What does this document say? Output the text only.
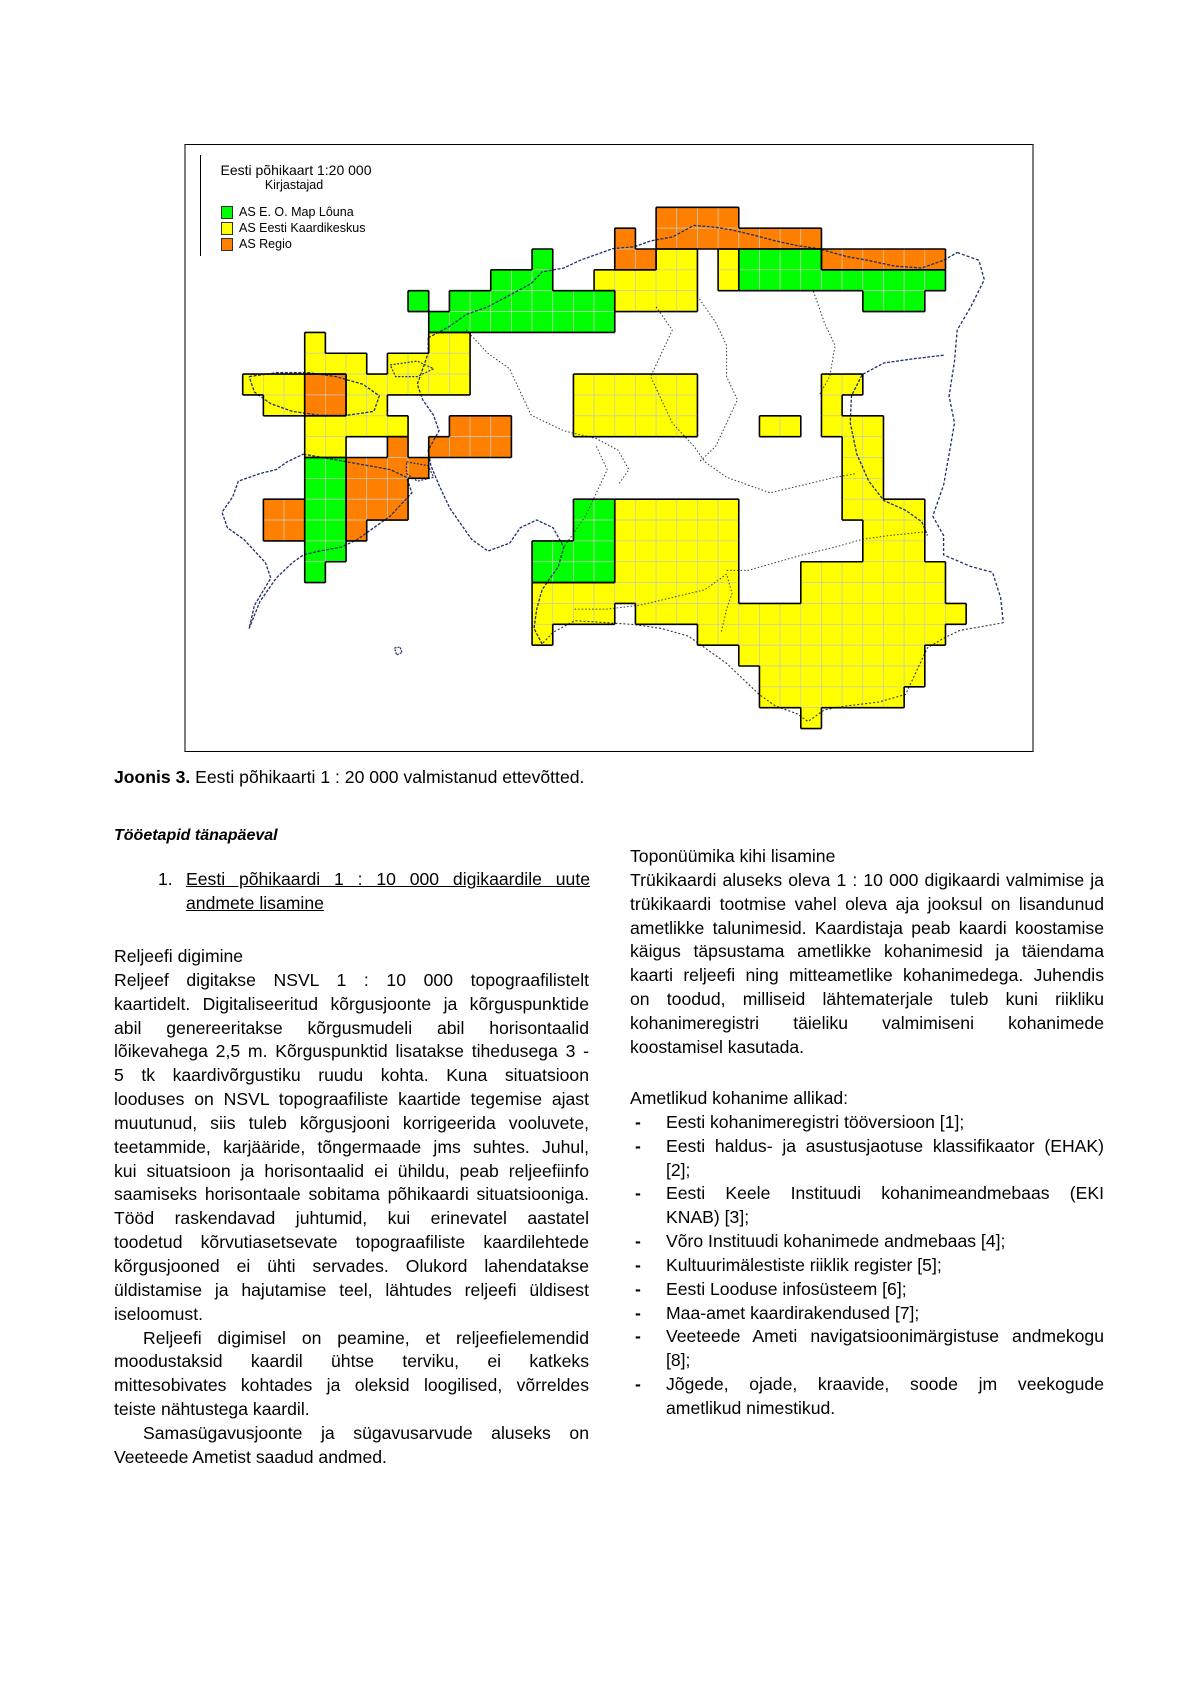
Eesti põhikaart 1:20 000
Kirjastajad
AS E. O. Map Lôuna
AS Eesti Kaardikeskus
AS Regio
Joonis 3. Eesti põhikaarti 1 : 20 000 valmistanud ettevõtted.
Tööetapid tänapäeval
1. Eesti põhikaardi 1 : 10 000 digikaardile uute
andmete lisamine
Reljeefi digimine
Reljeef digitakse NSVL 1 : 10 000 topograafilistelt
kaartidelt. Digitaliseeritud kõrgusjoonte ja kõrguspunktide
abil genereeritakse kõrgusmudeli abil horisontaalid
lõikevahega 2,5 m. Kõrguspunktid lisatakse tihedusega 3 -
5 tk kaardivõrgustiku ruudu kohta. Kuna situatsioon
looduses on NSVL topograafiliste kaartide tegemise ajast
muutunud, siis tuleb kõrgusjooni korrigeerida vooluvete,
teetammide, karjääride, tõngermaade jms suhtes. Juhul,
kui situatsioon ja horisontaalid ei ühildu, peab reljeefiinfo
saamiseks horisontaale sobitama põhikaardi situatsiooniga.
Tööd raskendavad juhtumid, kui erinevatel aastatel
toodetud kõrvutiasetsevate topograafiliste kaardilehtede
kõrgusjooned ei ühti servades. Olukord lahendatakse
üldistamise ja hajutamise teel, lähtudes reljeefi üldisest
iseloomust.
Reljeefi digimisel on peamine, et reljeefielemendid
moodustaksid kaardil ühtse terviku, ei katkeks
mittesobivates kohtades ja oleksid loogilised, võrreldes
teiste nähtustega kaardil.
Samasügavusjoonte ja sügavusarvude aluseks on
Veeteede Ametist saadud andmed.
Toponüümika kihi lisamine
Trükikaardi aluseks oleva 1 : 10 000 digikaardi valmimise ja
trükikaardi tootmise vahel oleva aja jooksul on lisandunud
ametlikke talunimesid. Kaardistaja peab kaardi koostamise
käigus täpsustama ametlikke kohanimesid ja täiendama
kaarti reljeefi ning mitteametlike kohanimedega. Juhendis
on toodud, milliseid lähtematerjale tuleb kuni riikliku
kohanimeregistri täieliku valmimiseni kohanimede
koostamisel kasutada.
Ametlikud kohanime allikad:
- Eesti kohanimeregistri tööversioon [1];
- Eesti haldus- ja asustusjaotuse klassifikaator (EHAK)
[2];
- Eesti Keele Instituudi kohanimeandmebaas (EKI
KNAB) [3];
- Võro Instituudi kohanimede andmebaas [4];
- Kultuurimälestiste riiklik register [5];
- Eesti Looduse infosüsteem [6];
- Maa-amet kaardirakendused [7];
- Veeteede Ameti navigatsioonimärgistuse andmekogu
[8];
- Jõgede, ojade, kraavide, soode jm veekogude
ametlikud nimestikud.
